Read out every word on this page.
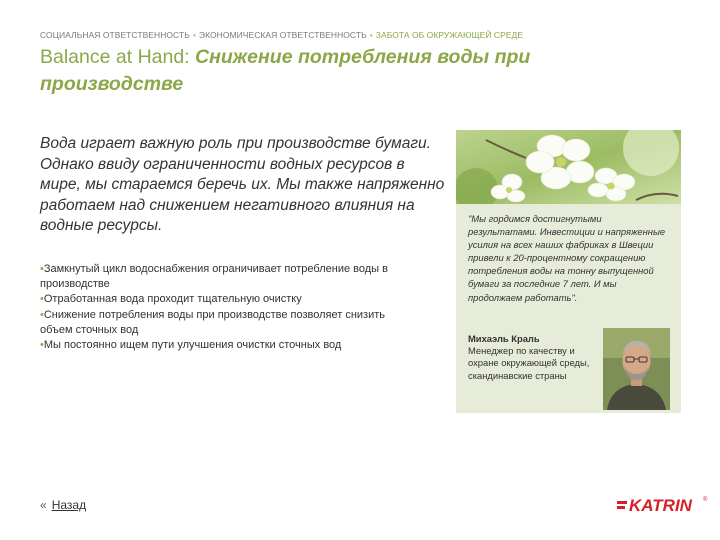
СОЦИАЛЬНАЯ ОТВЕТСТВЕННОСТЬ ▪ ЭКОНОМИЧЕСКАЯ ОТВЕТСТВЕННОСТЬ ▪ ЗАБОТА ОБ ОКРУЖАЮЩЕЙ СРЕДЕ
Balance at Hand: Снижение потребления воды при производстве
Вода играет важную роль при производстве бумаги. Однако ввиду ограниченности водных ресурсов в мире, мы стараемся беречь их. Мы также напряженно работаем над снижением негативного влияния на водные ресурсы.
•Замкнутый цикл водоснабжения ограничивает потребление воды в производстве
•Отработанная вода проходит тщательную очистку
•Снижение потребления воды при производстве позволяет снизить объем сточных вод
•Мы постоянно ищем пути улучшения очистки сточных вод
"Мы гордимся достигнутыми результатами. Инвестиции и напряженные усилия на всех наших фабриках в Швеции привели к 20-процентному сокращению потребления воды на тонну выпущенной бумаги за последние 7 лет. И мы продолжаем работать".
Михаэль Краль
Менеджер по качеству и охране окружающей среды, скандинавские страны
« Назад	KATRIN ®
